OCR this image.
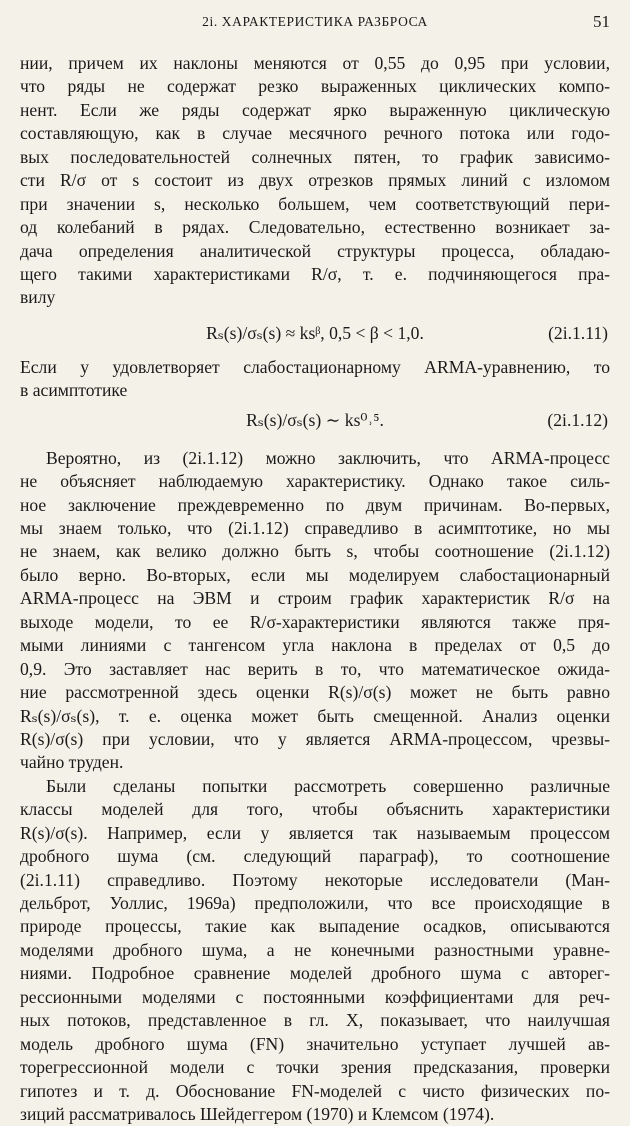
2i. ХАРАКТЕРИСТИКА РАЗБРОСА	51
нии, причем их наклоны меняются от 0,55 до 0,95 при условии,
что ряды не содержат резко выраженных циклических компо-
нент. Если же ряды содержат ярко выраженную циклическую
составляющую, как в случае месячного речного потока или годо-
вых последовательностей солнечных пятен, то график зависимо-
сти R/σ от s состоит из двух отрезков прямых линий с изломом
при значении s, несколько большем, чем соответствующий пери-
од колебаний в рядах. Следовательно, естественно возникает за-
дача определения аналитической структуры процесса, обладаю-
щего такими характеристиками R/σ, т. е. подчиняющегося пра-
вилу
Rₛ(s)/σₛ(s) ≈ ksᵝ, 0,5 < β < 1,0.	(2i.1.11)
Если y удовлетворяет слабостационарному ARMA-уравнению, то
в асимптотике
Rₛ(s)/σₛ(s) ∼ ks⁰˒⁵.	(2i.1.12)
Вероятно, из (2i.1.12) можно заключить, что ARMA-процесс
не объясняет наблюдаемую характеристику. Однако такое силь-
ное заключение преждевременно по двум причинам. Во-первых,
мы знаем только, что (2i.1.12) справедливо в асимптотике, но мы
не знаем, как велико должно быть s, чтобы соотношение (2i.1.12)
было верно. Во-вторых, если мы моделируем слабостационарный
ARMA-процесс на ЭВМ и строим график характеристик R/σ на
выходе модели, то ее R/σ-характеристики являются также пря-
мыми линиями с тангенсом угла наклона в пределах от 0,5 до
0,9. Это заставляет нас верить в то, что математическое ожида-
ние рассмотренной здесь оценки R(s)/σ(s) может не быть равно
Rₛ(s)/σₛ(s), т. е. оценка может быть смещенной. Анализ оценки
R(s)/σ(s) при условии, что y является ARMA-процессом, чрезвы-
чайно труден.
Были сделаны попытки рассмотреть совершенно различные
классы моделей для того, чтобы объяснить характеристики
R(s)/σ(s). Например, если y является так называемым процессом
дробного шума (см. следующий параграф), то соотношение
(2i.1.11) справедливо. Поэтому некоторые исследователи (Ман-
дельброт, Уоллис, 1969a) предположили, что все происходящие в
природе процессы, такие как выпадение осадков, описываются
моделями дробного шума, а не конечными разностными уравне-
ниями. Подробное сравнение моделей дробного шума с авторег-
рессионными моделями с постоянными коэффициентами для реч-
ных потоков, представленное в гл. X, показывает, что наилучшая
модель дробного шума (FN) значительно уступает лучшей ав-
торегрессионной модели с точки зрения предсказания, проверки
гипотез и т. д. Обоснование FN-моделей с чисто физических по-
зиций рассматривалось Шейдеггером (1970) и Клемсом (1974).
